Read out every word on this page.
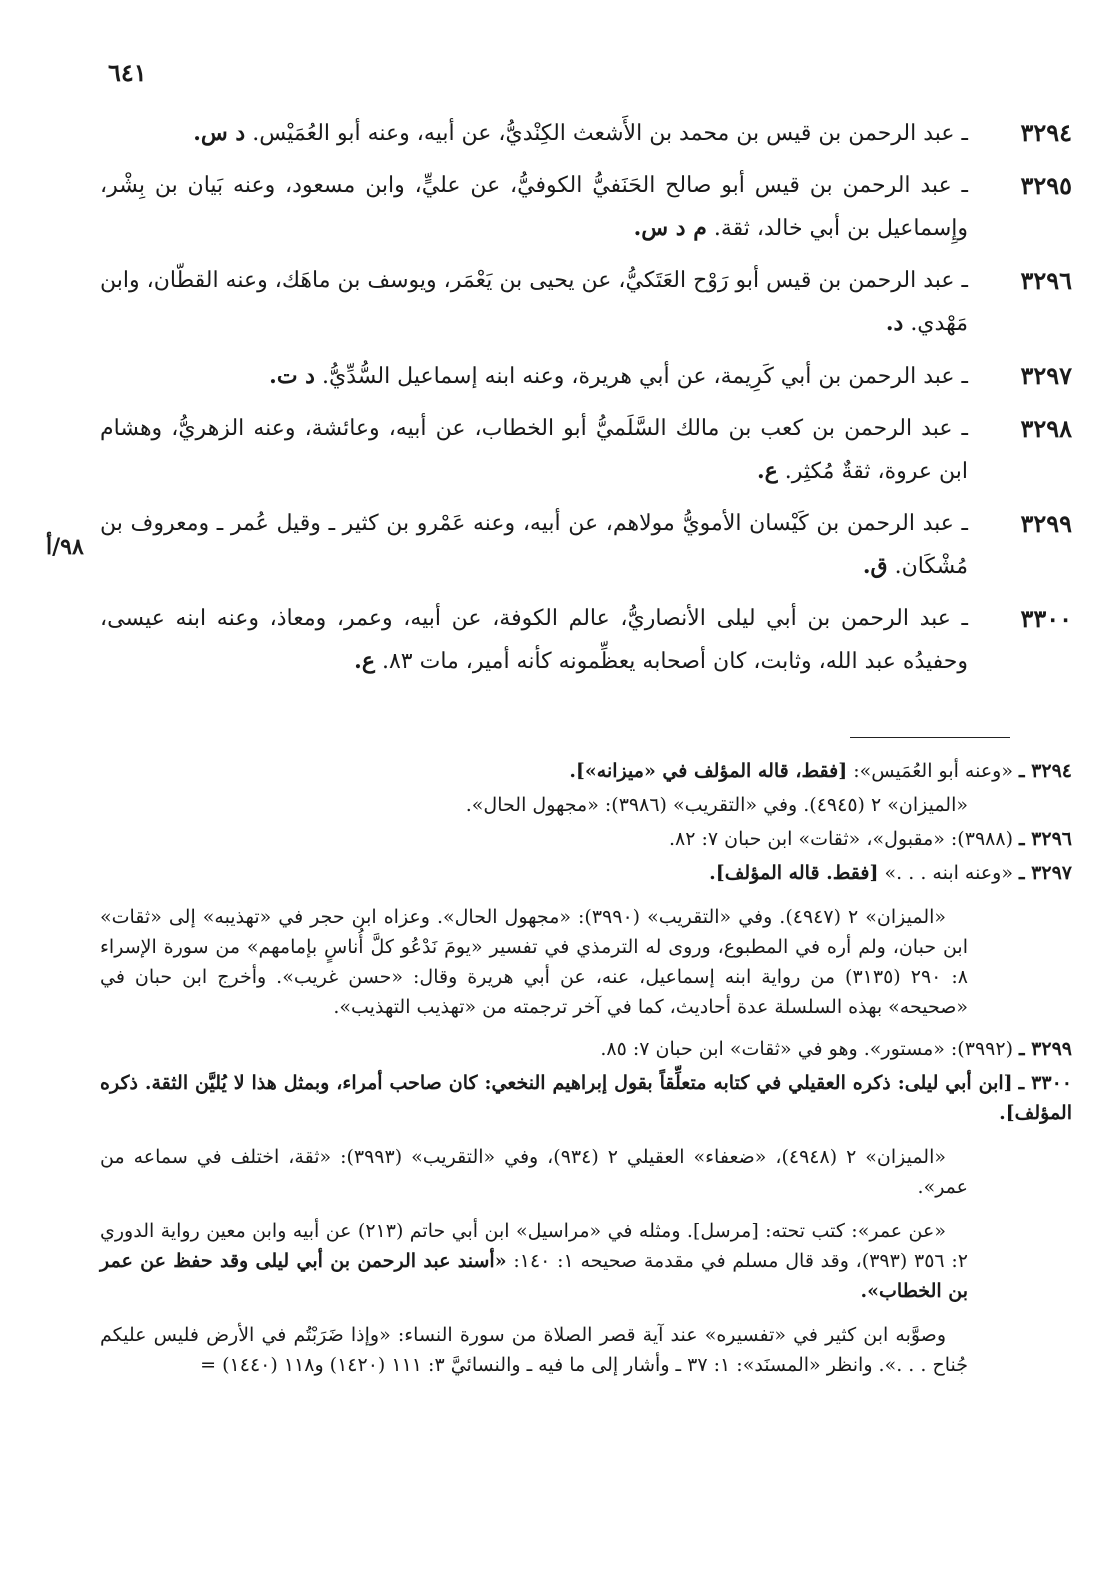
٦٤١
٩٨/أ
٣٢٩٤
ـ عبد الرحمن بن قيس بن محمد بن الأَشعث الكِنْديُّ، عن أبيه، وعنه أبو العُمَيْس. د س.
٣٢٩٥
ـ عبد الرحمن بن قيس أبو صالح الحَنَفيُّ الكوفيُّ، عن عليٍّ، وابن مسعود، وعنه بَيان بن بِشْر، وإِسماعيل بن أبي خالد، ثقة. م د س.
٣٢٩٦
ـ عبد الرحمن بن قيس أبو رَوْح العَتَكيُّ، عن يحيى بن يَعْمَر، ويوسف بن ماهَك، وعنه القطّان، وابن مَهْدي. د.
٣٢٩٧
ـ عبد الرحمن بن أبي كَرِيمة، عن أبي هريرة، وعنه ابنه إسماعيل السُّدِّيُّ. د ت.
٣٢٩٨
ـ عبد الرحمن بن كعب بن مالك السَّلَميُّ أبو الخطاب، عن أبيه، وعائشة، وعنه الزهريُّ، وهشام ابن عروة، ثقةٌ مُكثِر. ع.
٣٢٩٩
ـ عبد الرحمن بن كَيْسان الأمويُّ مولاهم، عن أبيه، وعنه عَمْرو بن كثير ـ وقيل عُمر ـ ومعروف بن مُشْكَان. ق.
٣٣٠٠
ـ عبد الرحمن بن أبي ليلى الأنصاريُّ، عالم الكوفة، عن أبيه، وعمر، ومعاذ، وعنه ابنه عيسى، وحفيدُه عبد الله، وثابت، كان أصحابه يعظِّمونه كأنه أمير، مات ٨٣. ع.
٣٢٩٤ ـ«وعنه أبو العُمَيس»: [فقط، قاله المؤلف في «ميزانه»].
«الميزان» ٢ (٤٩٤٥). وفي «التقريب» (٣٩٨٦): «مجهول الحال».
٣٢٩٦ ـ(٣٩٨٨): «مقبول»، «ثقات» ابن حبان ٧: ٨٢.
٣٢٩٧ ـ«وعنه ابنه . . .» [فقط. قاله المؤلف].
«الميزان» ٢ (٤٩٤٧). وفي «التقريب» (٣٩٩٠): «مجهول الحال». وعزاه ابن حجر في «تهذيبه» إلى «ثقات» ابن حبان، ولم أره في المطبوع، وروى له الترمذي في تفسير «يومَ نَدْعُو كلَّ أُناسٍ بإمامهم» من سورة الإسراء ٨: ٢٩٠ (٣١٣٥) من رواية ابنه إسماعيل، عنه، عن أبي هريرة وقال: «حسن غريب». وأخرج ابن حبان في «صحيحه» بهذه السلسلة عدة أحاديث، كما في آخر ترجمته من «تهذيب التهذيب».
٣٢٩٩ ـ(٣٩٩٢): «مستور». وهو في «ثقات» ابن حبان ٧: ٨٥.
٣٣٠٠ ـ[ابن أبي ليلى: ذكره العقيلي في كتابه متعلِّقاً بقول إبراهيم النخعي: كان صاحب أمراء، وبمثل هذا لا يُليَّن الثقة. ذكره المؤلف].
«الميزان» ٢ (٤٩٤٨)، «ضعفاء» العقيلي ٢ (٩٣٤)، وفي «التقريب» (٣٩٩٣): «ثقة، اختلف في سماعه من عمر».
«عن عمر»: كتب تحته: [مرسل]. ومثله في «مراسيل» ابن أبي حاتم (٢١٣) عن أبيه وابن معين رواية الدوري ٢: ٣٥٦ (٣٩٣)، وقد قال مسلم في مقدمة صحيحه ١: ١٤٠: «أسند عبد الرحمن بن أبي ليلى وقد حفظ عن عمر بن الخطاب».
وصوَّبه ابن كثير في «تفسيره» عند آية قصر الصلاة من سورة النساء: «وإذا ضَرَبْتُم في الأرض فليس عليكم جُناح . . .». وانظر «المسنَد»: ١: ٣٧ ـ وأشار إلى ما فيه ـ والنسائيَّ ٣: ١١١ (١٤٢٠) و١١٨ (١٤٤٠) =
